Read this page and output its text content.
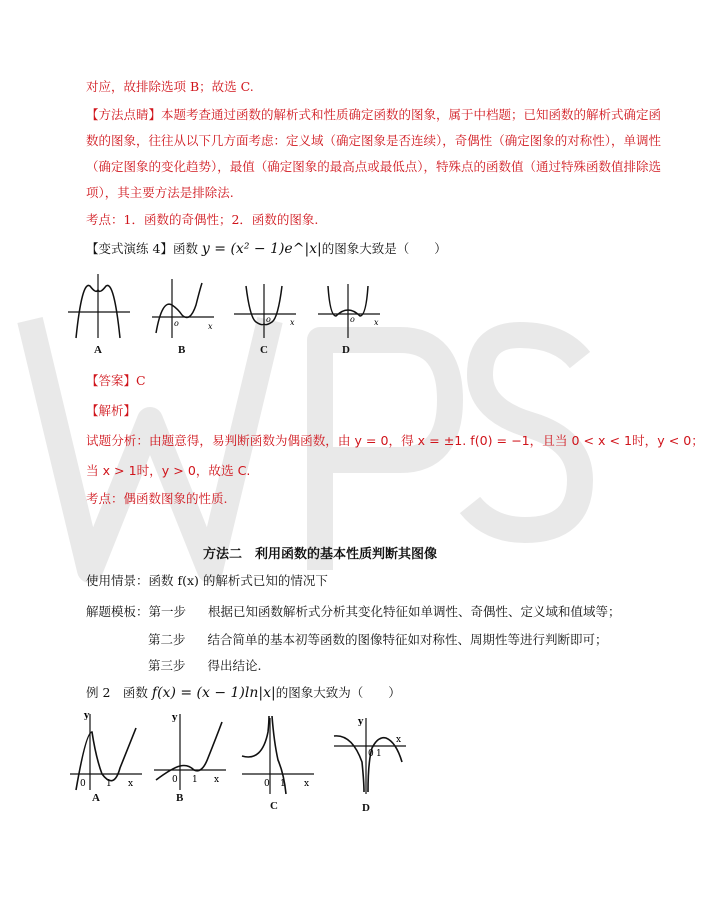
对应，故排除选项 B；故选 C.
【方法点睛】本题考查通过函数的解析式和性质确定函数的图象，属于中档题；已知函数的解析式确定函
数的图象，往往从以下几方面考虑：定义域（确定图象是否连续），奇偶性（确定图象的对称性），单调性
（确定图象的变化趋势），最值（确定图象的最高点或最低点），特殊点的函数值（通过特殊函数值排除选
项），其主要方法是排除法.
考点：1．函数的奇偶性；2．函数的图象.
【变式演练 4】函数 y = (x² − 1)e^|x|的图象大致是（　　）
A
x
o
B
x
o
C
x
o
D
【答案】C
【解析】
试题分析：由题意得，易判断函数为偶函数，由 y = 0，得 x = ±1. f(0) = −1，且当 0 < x < 1时，y < 0；
当 x > 1时，y > 0，故选 C.
考点：偶函数图象的性质.
方法二　利用函数的基本性质判断其图像
使用情景：函数 f(x) 的解析式已知的情况下
解题模板：第一步 根据已知函数解析式分析其变化特征如单调性、奇偶性、定义域和值域等；
第二步 结合简单的基本初等函数的图像特征如对称性、周期性等进行判断即可；
第三步 得出结论.
例 2　函数 f(x) = (x − 1)ln|x|的图象大致为（　　）
y
0 1 x
A
y
0 1 x
B
0 1 x
C
y
0 1
x
D
